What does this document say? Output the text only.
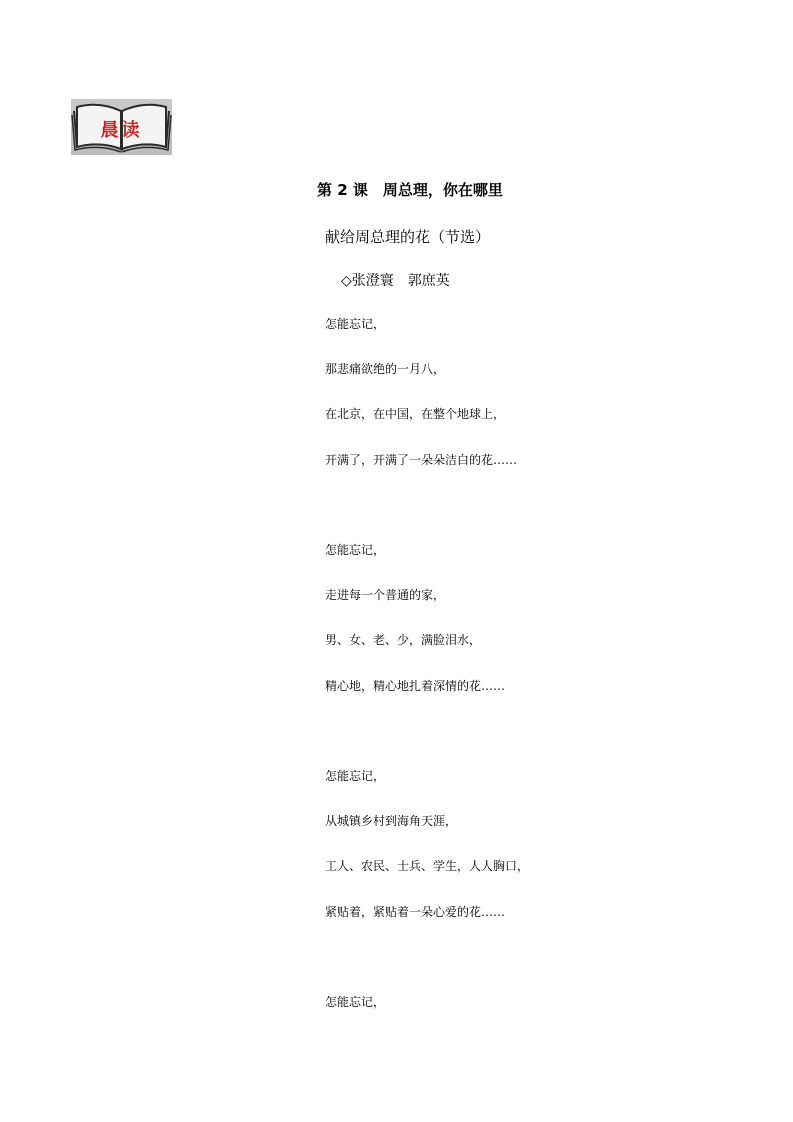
晨读
第 2 课　周总理，你在哪里
献给周总理的花（节选）
◇张澄寰　郭庶英
怎能忘记，
那悲痛欲绝的一月八，
在北京，在中国，在整个地球上，
开满了，开满了一朵朵洁白的花……
怎能忘记，
走进每一个普通的家，
男、女、老、少，满脸泪水，
精心地，精心地扎着深情的花……
怎能忘记，
从城镇乡村到海角天涯，
工人、农民、士兵、学生，人人胸口，
紧贴着，紧贴着一朵心爱的花……
怎能忘记，
